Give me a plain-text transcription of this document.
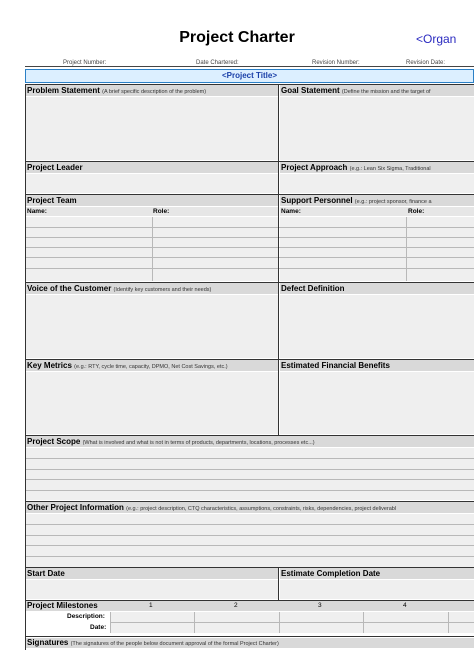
Project Charter	<Organ
Project Number:	Date Chartered:	Revision Number:	Revision Date:
<Project Title>
Problem Statement (A brief specific description of the problem)	Goal Statement (Define the mission and the target of
Project Leader	Project Approach (e.g.: Lean Six Sigma, Traditional
Project Team	Support Personnel (e.g.: project sponsor, finance a
Name:	Role:	Name:	Role:
Voice of the Customer (Identify key customers and their needs)	Defect Definition
Key Metrics (e.g.: RTY, cycle time, capacity, DPMO, Net Cost Savings, etc.)	Estimated Financial Benefits
Project Scope (What is involved and what is not in terms of products, departments, locations, processes etc...)
Other Project Information (e.g.: project description, CTQ characteristics, assumptions, constraints, risks, dependencies, project deliverabl
Start Date	Estimate Completion Date
Project Milestones	1	2	3	4
Description:
Date:
Signatures (The signatures of the people below document approval of the formal Project Charter)
